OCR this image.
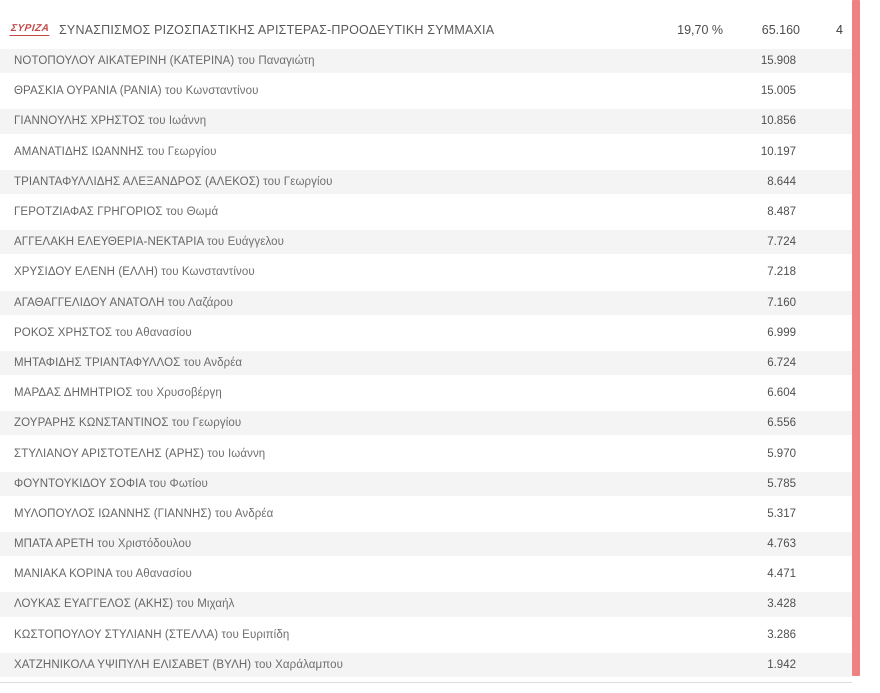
ΣΥΡΙΖΑ ΣΥΝΑΣΠΙΣΜΟΣ ΡΙΖΟΣΠΑΣΤΙΚΗΣ ΑΡΙΣΤΕΡΑΣ-ΠΡΟΟΔΕΥΤΙΚΗ ΣΥΜΜΑΧΙΑ	19,70 %	65.160	4
ΝΟΤΟΠΟΥΛΟΥ ΑΙΚΑΤΕΡΙΝΗ (ΚΑΤΕΡΙΝΑ) του Παναγιώτη	15.908
ΘΡΑΣΚΙΑ ΟΥΡΑΝΙΑ (ΡΑΝΙΑ) του Κωνσταντίνου	15.005
ΓΙΑΝΝΟΥΛΗΣ ΧΡΗΣΤΟΣ του Ιωάννη	10.856
ΑΜΑΝΑΤΙΔΗΣ ΙΩΑΝΝΗΣ του Γεωργίου	10.197
ΤΡΙΑΝΤΑΦΥΛΛΙΔΗΣ ΑΛΕΞΑΝΔΡΟΣ (ΑΛΕΚΟΣ) του Γεωργίου	8.644
ΓΕΡΟΤΖΙΑΦΑΣ ΓΡΗΓΟΡΙΟΣ του Θωμά	8.487
ΑΓΓΕΛΑΚΗ ΕΛΕΥΘΕΡΙΑ-ΝΕΚΤΑΡΙΑ του Ευάγγελου	7.724
ΧΡΥΣΙΔΟΥ ΕΛΕΝΗ (ΕΛΛΗ) του Κωνσταντίνου	7.218
ΑΓΑΘΑΓΓΕΛΙΔΟΥ ΑΝΑΤΟΛΗ του Λαζάρου	7.160
ΡΟΚΟΣ ΧΡΗΣΤΟΣ του Αθανασίου	6.999
ΜΗΤΑΦΙΔΗΣ ΤΡΙΑΝΤΑΦΥΛΛΟΣ του Ανδρέα	6.724
ΜΑΡΔΑΣ ΔΗΜΗΤΡΙΟΣ του Χρυσοβέργη	6.604
ΖΟΥΡΑΡΗΣ ΚΩΝΣΤΑΝΤΙΝΟΣ του Γεωργίου	6.556
ΣΤΥΛΙΑΝΟΥ ΑΡΙΣΤΟΤΕΛΗΣ (ΑΡΗΣ) του Ιωάννη	5.970
ΦΟΥΝΤΟΥΚΙΔΟΥ ΣΟΦΙΑ του Φωτίου	5.785
ΜΥΛΟΠΟΥΛΟΣ ΙΩΑΝΝΗΣ (ΓΙΑΝΝΗΣ) του Ανδρέα	5.317
ΜΠΑΤΑ ΑΡΕΤΗ του Χριστόδουλου	4.763
ΜΑΝΙΑΚΑ ΚΟΡΙΝΑ του Αθανασίου	4.471
ΛΟΥΚΑΣ ΕΥΑΓΓΕΛΟΣ (ΑΚΗΣ) του Μιχαήλ	3.428
ΚΩΣΤΟΠΟΥΛΟΥ ΣΤΥΛΙΑΝΗ (ΣΤΕΛΛΑ) του Ευριπίδη	3.286
ΧΑΤΖΗΝΙΚΟΛΑ ΥΨΙΠΥΛΗ ΕΛΙΣΑΒΕΤ (ΒΥΛΗ) του Χαράλαμπου	1.942
